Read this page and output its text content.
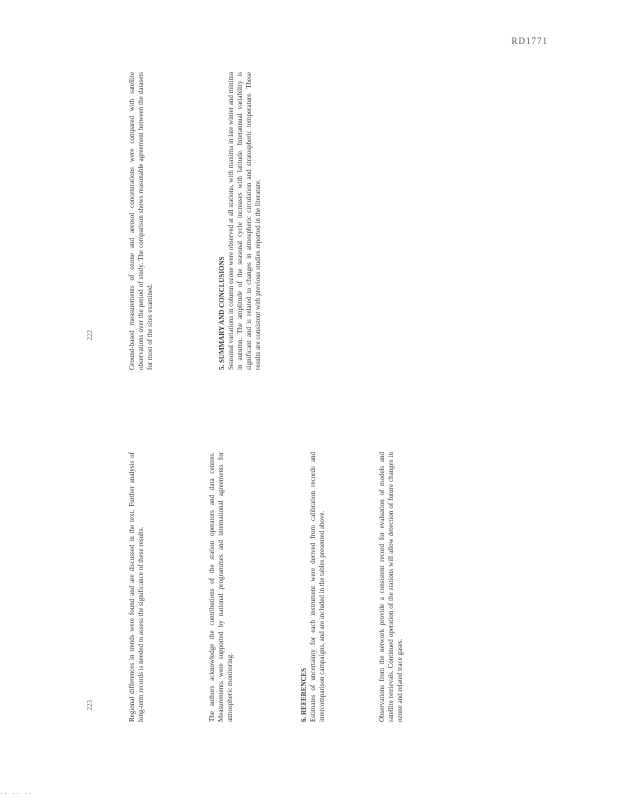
RD1771
Ground-based measurements of ozone and aerosol concentrations were compared with satellite observations over the period of study. The comparison shows reasonable agreement between the datasets for most of the sites examined.	5. SUMMARY AND CONCLUSIONS Seasonal variations in column ozone were observed at all stations, with maxima in late winter and minima in autumn. The amplitude of the seasonal cycle increases with latitude. Interannual variability is significant and is related to changes in atmospheric circulation and stratospheric temperature. These results are consistent with previous studies reported in the literature.
Regional differences in trends were found and are discussed in the text. Further analysis of long-term records is needed to assess the significance of these results.	The authors acknowledge the contributions of the station operators and data centres. Measurements were supported by national programmes and international agreements for atmospheric monitoring.	6. REFERENCES Estimates of uncertainty for each instrument were derived from calibration records and intercomparison campaigns, and are included in the tables presented above.	Observations from the network provide a consistent record for evaluation of models and satellite retrievals. Continued operation of the stations will allow detection of future changes in ozone and related trace gases.
222
223
·· ·· ··
